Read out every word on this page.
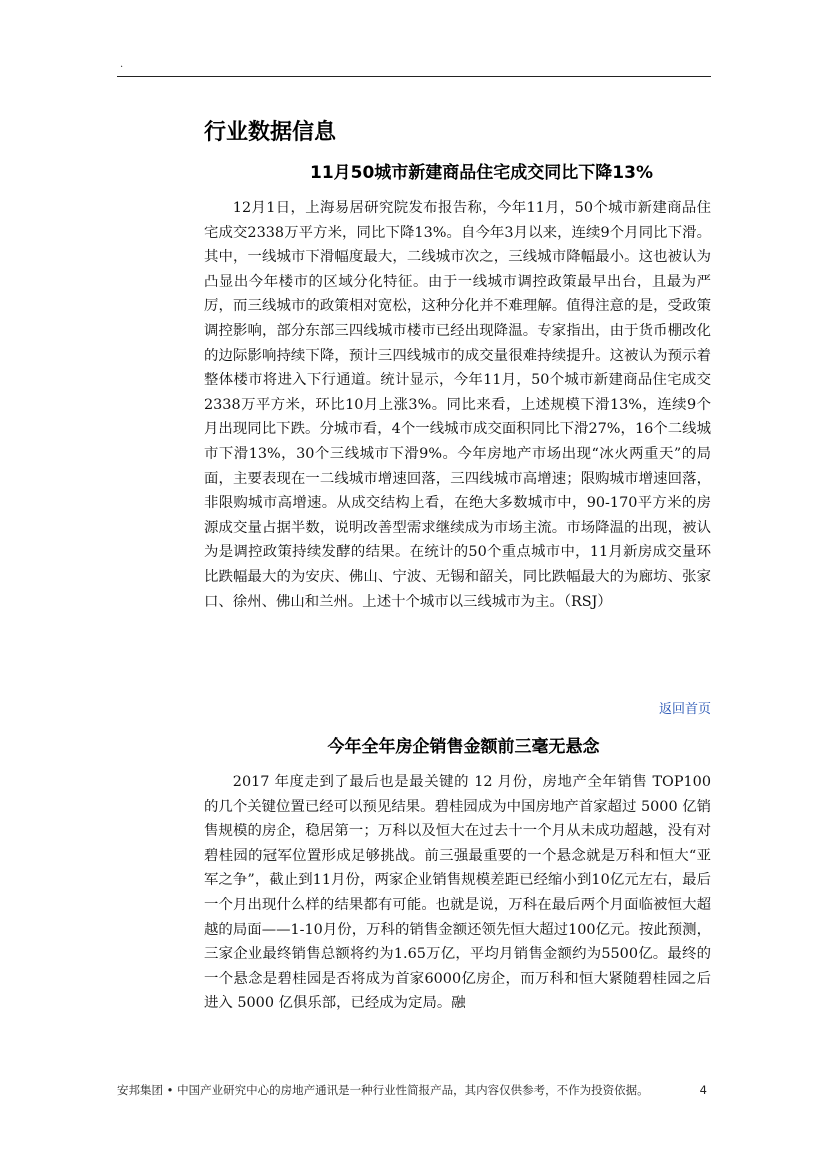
.
行业数据信息
11月50城市新建商品住宅成交同比下降13%

12月1日，上海易居研究院发布报告称，今年11月，50个城市新建商品住宅成交2338万平方米，同比下降13%。自今年3月以来，连续9个月同比下滑。其中，一线城市下滑幅度最大，二线城市次之，三线城市降幅最小。这也被认为凸显出今年楼市的区域分化特征。由于一线城市调控政策最早出台，且最为严厉，而三线城市的政策相对宽松，这种分化并不难理解。值得注意的是，受政策调控影响，部分东部三四线城市楼市已经出现降温。专家指出，由于货币棚改化的边际影响持续下降，预计三四线城市的成交量很难持续提升。这被认为预示着整体楼市将进入下行通道。统计显示，今年11月，50个城市新建商品住宅成交2338万平方米，环比10月上涨3%。同比来看，上述规模下滑13%，连续9个月出现同比下跌。分城市看，4个一线城市成交面积同比下滑27%，16个二线城市下滑13%，30个三线城市下滑9%。今年房地产市场出现“冰火两重天”的局面，主要表现在一二线城市增速回落，三四线城市高增速；限购城市增速回落，非限购城市高增速。从成交结构上看，在绝大多数城市中，90-170平方米的房源成交量占据半数，说明改善型需求继续成为市场主流。市场降温的出现，被认为是调控政策持续发酵的结果。在统计的50个重点城市中，11月新房成交量环比跌幅最大的为安庆、佛山、宁波、无锡和韶关，同比跌幅最大的为廊坊、张家口、徐州、佛山和兰州。上述十个城市以三线城市为主。（RSJ）

返回首页
今年全年房企销售金额前三毫无悬念

2017 年度走到了最后也是最关键的 12 月份，房地产全年销售 TOP100 的几个关键位置已经可以预见结果。碧桂园成为中国房地产首家超过 5000 亿销售规模的房企，稳居第一；万科以及恒大在过去十一个月从未成功超越，没有对碧桂园的冠军位置形成足够挑战。前三强最重要的一个悬念就是万科和恒大“亚军之争”，截止到11月份，两家企业销售规模差距已经缩小到10亿元左右，最后一个月出现什么样的结果都有可能。也就是说，万科在最后两个月面临被恒大超越的局面——1-10月份，万科的销售金额还领先恒大超过100亿元。按此预测，三家企业最终销售总额将约为1.65万亿，平均月销售金额约为5500亿。最终的一个悬念是碧桂园是否将成为首家6000亿房企，而万科和恒大紧随碧桂园之后进入 5000 亿俱乐部，已经成为定局。融

安邦集团 • 中国产业研究中心的房地产通讯是一种行业性简报产品，其内容仅供参考，不作为投资依据。	4
